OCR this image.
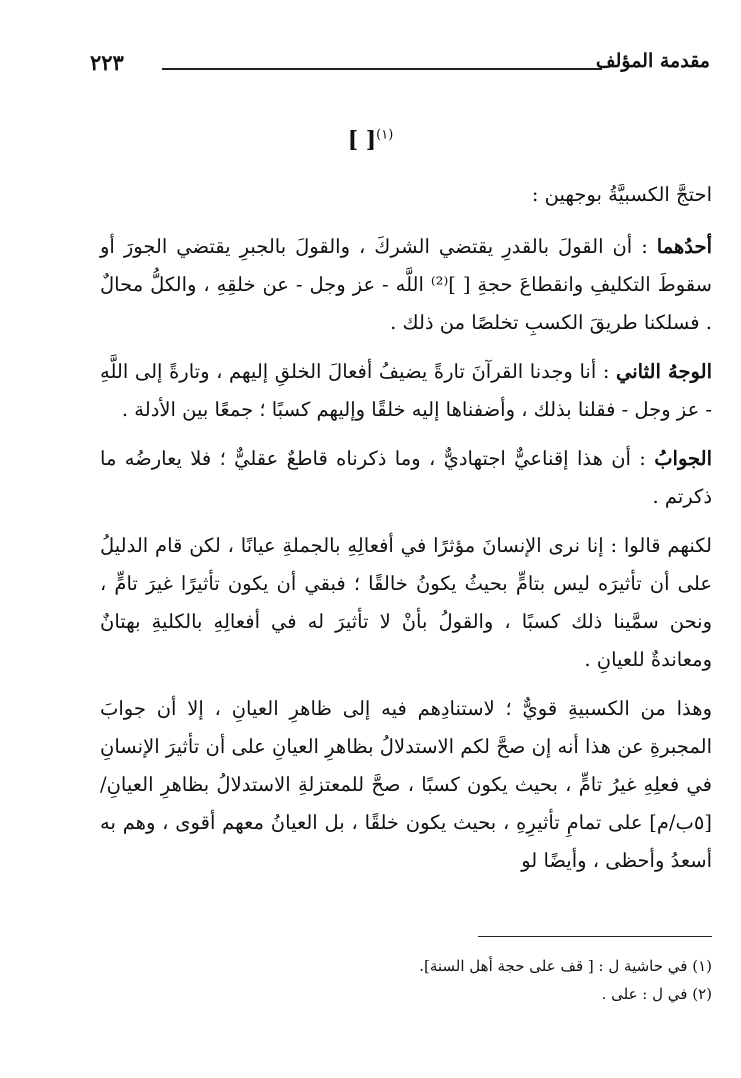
مقدمة المؤلف
٢٢٣
[ ]$^{(١)}$

احتجَّ الكسبيَّةُ بوجهين :

أحدُهما : أن القولَ بالقدرِ يقتضي الشركَ ، والقولَ بالجبرِ يقتضي الجورَ أو سقوطَ التكليفِ وانقطاعَ حجةِ [ ]⁽²⁾ اللَّه - عز وجل - عن خلقِهِ ، والكلُّ محالٌ . فسلكنا طريقَ الكسبِ تخلصًا من ذلك .

الوجهُ الثاني : أنا وجدنا القرآنَ تارةً يضيفُ أفعالَ الخلقِ إليهم ، وتارةً إلى اللَّهِ - عز وجل - فقلنا بذلك ، وأضفناها إليه خلقًا وإليهم كسبًا ؛ جمعًا بين الأدلة .

الجوابُ : أن هذا إقناعيٌّ اجتهاديٌّ ، وما ذكرناه قاطعٌ عقليٌّ ؛ فلا يعارضُه ما ذكرتم .

لكنهم قالوا : إنا نرى الإنسانَ مؤثرًا في أفعالِهِ بالجملةِ عيانًا ، لكن قام الدليلُ على أن تأثيرَه ليس بتامٍّ بحيثُ يكونُ خالقًا ؛ فبقي أن يكون تأثيرًا غيرَ تامٍّ ، ونحن سمَّينا ذلك كسبًا ، والقولُ بأنْ لا تأثيرَ له في أفعالِهِ بالكليةِ بهتانٌ ومعاندةٌ للعيانِ .

وهذا من الكسبيةِ قويٌّ ؛ لاستنادِهم فيه إلى ظاهرِ العيانِ ، إلا أن جوابَ المجبرةِ عن هذا أنه إن صحَّ لكم الاستدلالُ بظاهرِ العيانِ على أن تأثيرَ الإنسانِ في فعلِهِ غيرُ تامٍّ ، بحيث يكون كسبًا ، صحَّ للمعتزلةِ الاستدلالُ بظاهرِ العيانِ/ [٥ب/م] على تمامِ تأثيرِهِ ، بحيث يكون خلقًا ، بل العيانُ معهم أقوى ، وهم به أسعدُ وأحظى ، وأيضًا لو

(١) في حاشية ل : [ قف على حجة أهل السنة].
(٢) في ل : على .
